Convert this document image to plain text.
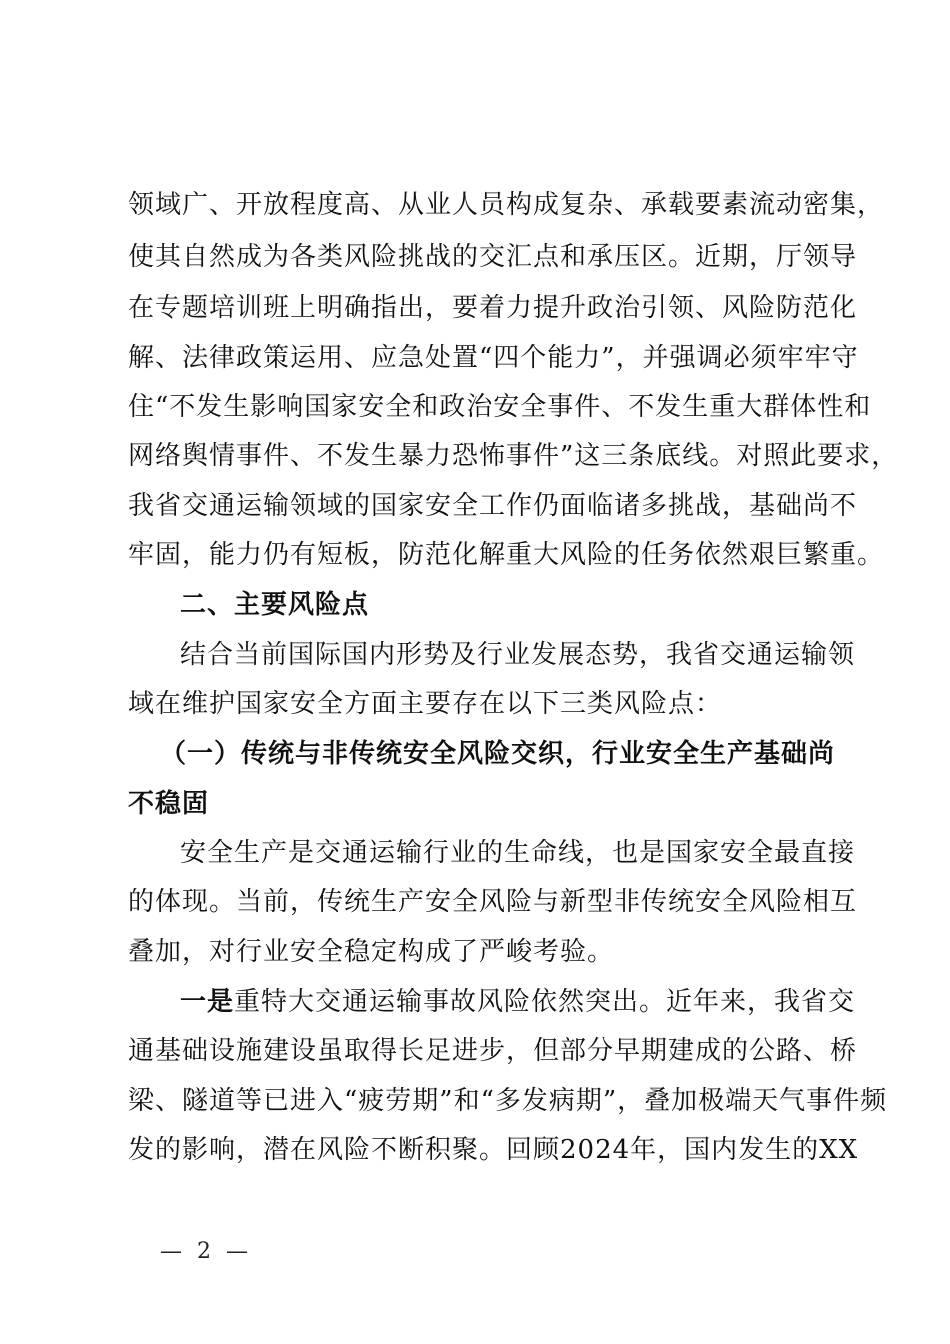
领域广、开放程度高、从业人员构成复杂、承载要素流动密集，
使其自然成为各类风险挑战的交汇点和承压区。近期，厅领导
在专题培训班上明确指出，要着力提升政治引领、风险防范化
解、法律政策运用、应急处置“四个能力”，并强调必须牢牢守
住“不发生影响国家安全和政治安全事件、不发生重大群体性和
网络舆情事件、不发生暴力恐怖事件”这三条底线。对照此要求，
我省交通运输领域的国家安全工作仍面临诸多挑战，基础尚不
牢固，能力仍有短板，防范化解重大风险的任务依然艰巨繁重。
二、主要风险点
结合当前国际国内形势及行业发展态势，我省交通运输领
域在维护国家安全方面主要存在以下三类风险点：
（一）传统与非传统安全风险交织，行业安全生产基础尚
不稳固
安全生产是交通运输行业的生命线，也是国家安全最直接
的体现。当前，传统生产安全风险与新型非传统安全风险相互
叠加，对行业安全稳定构成了严峻考验。
一是重特大交通运输事故风险依然突出。近年来，我省交
通基础设施建设虽取得长足进步，但部分早期建成的公路、桥
梁、隧道等已进入“疲劳期”和“多发病期”，叠加极端天气事件频
发的影响，潜在风险不断积聚。回顾2024年，国内发生的XX
— 2 —
